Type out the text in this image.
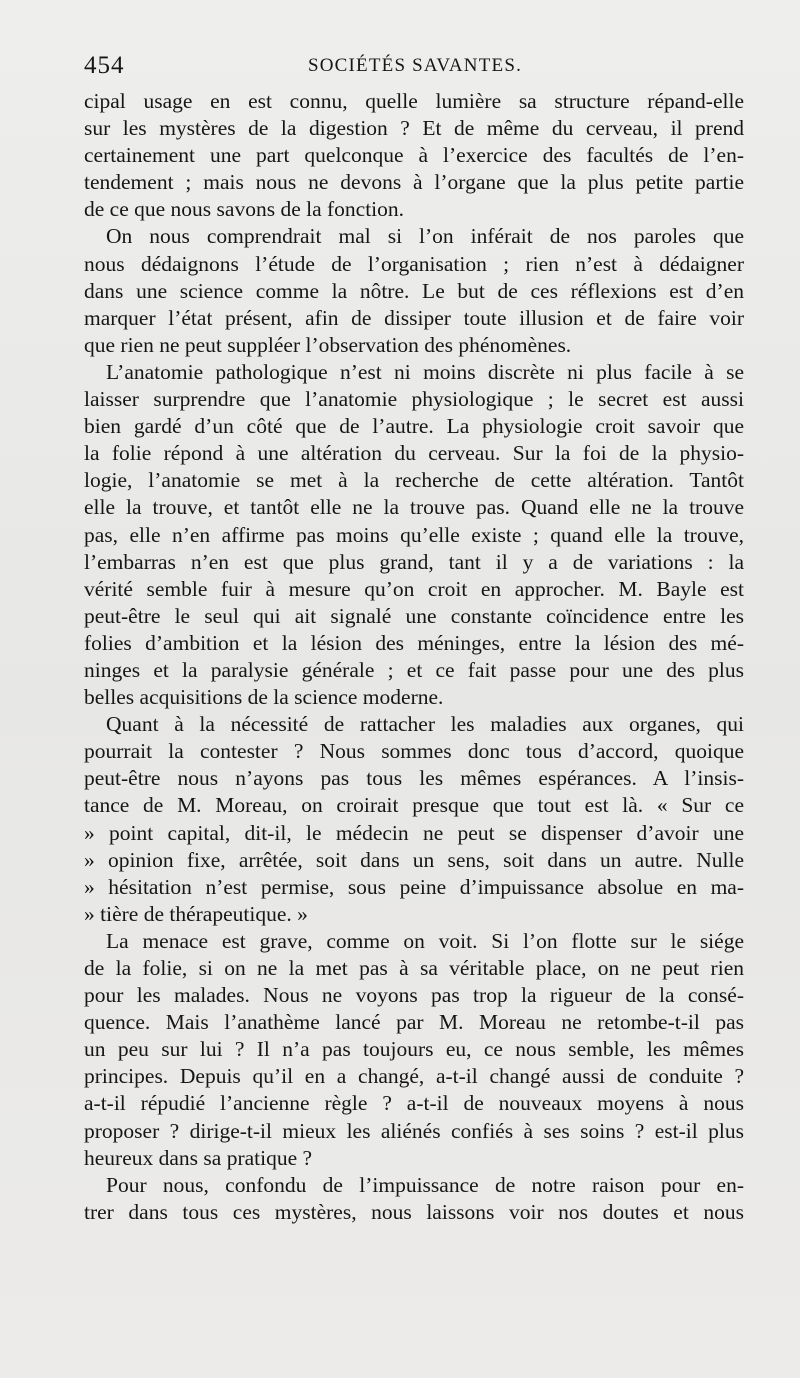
454	SOCIÉTÉS SAVANTES.
cipal usage en est connu, quelle lumière sa structure répand-elle
sur les mystères de la digestion ? Et de même du cerveau, il prend
certainement une part quelconque à l’exercice des facultés de l’en-
tendement ; mais nous ne devons à l’organe que la plus petite partie
de ce que nous savons de la fonction.
On nous comprendrait mal si l’on inférait de nos paroles que
nous dédaignons l’étude de l’organisation ; rien n’est à dédaigner
dans une science comme la nôtre. Le but de ces réflexions est d’en
marquer l’état présent, afin de dissiper toute illusion et de faire voir
que rien ne peut suppléer l’observation des phénomènes.
L’anatomie pathologique n’est ni moins discrète ni plus facile à se
laisser surprendre que l’anatomie physiologique ; le secret est aussi
bien gardé d’un côté que de l’autre. La physiologie croit savoir que
la folie répond à une altération du cerveau. Sur la foi de la physio-
logie, l’anatomie se met à la recherche de cette altération. Tantôt
elle la trouve, et tantôt elle ne la trouve pas. Quand elle ne la trouve
pas, elle n’en affirme pas moins qu’elle existe ; quand elle la trouve,
l’embarras n’en est que plus grand, tant il y a de variations : la
vérité semble fuir à mesure qu’on croit en approcher. M. Bayle est
peut-être le seul qui ait signalé une constante coïncidence entre les
folies d’ambition et la lésion des méninges, entre la lésion des mé-
ninges et la paralysie générale ; et ce fait passe pour une des plus
belles acquisitions de la science moderne.
Quant à la nécessité de rattacher les maladies aux organes, qui
pourrait la contester ? Nous sommes donc tous d’accord, quoique
peut-être nous n’ayons pas tous les mêmes espérances. A l’insis-
tance de M. Moreau, on croirait presque que tout est là. « Sur ce
» point capital, dit-il, le médecin ne peut se dispenser d’avoir une
» opinion fixe, arrêtée, soit dans un sens, soit dans un autre. Nulle
» hésitation n’est permise, sous peine d’impuissance absolue en ma-
» tière de thérapeutique. »
La menace est grave, comme on voit. Si l’on flotte sur le siége
de la folie, si on ne la met pas à sa véritable place, on ne peut rien
pour les malades. Nous ne voyons pas trop la rigueur de la consé-
quence. Mais l’anathème lancé par M. Moreau ne retombe-t-il pas
un peu sur lui ? Il n’a pas toujours eu, ce nous semble, les mêmes
principes. Depuis qu’il en a changé, a-t-il changé aussi de conduite ?
a-t-il répudié l’ancienne règle ? a-t-il de nouveaux moyens à nous
proposer ? dirige-t-il mieux les aliénés confiés à ses soins ? est-il plus
heureux dans sa pratique ?
Pour nous, confondu de l’impuissance de notre raison pour en-
trer dans tous ces mystères, nous laissons voir nos doutes et nous
